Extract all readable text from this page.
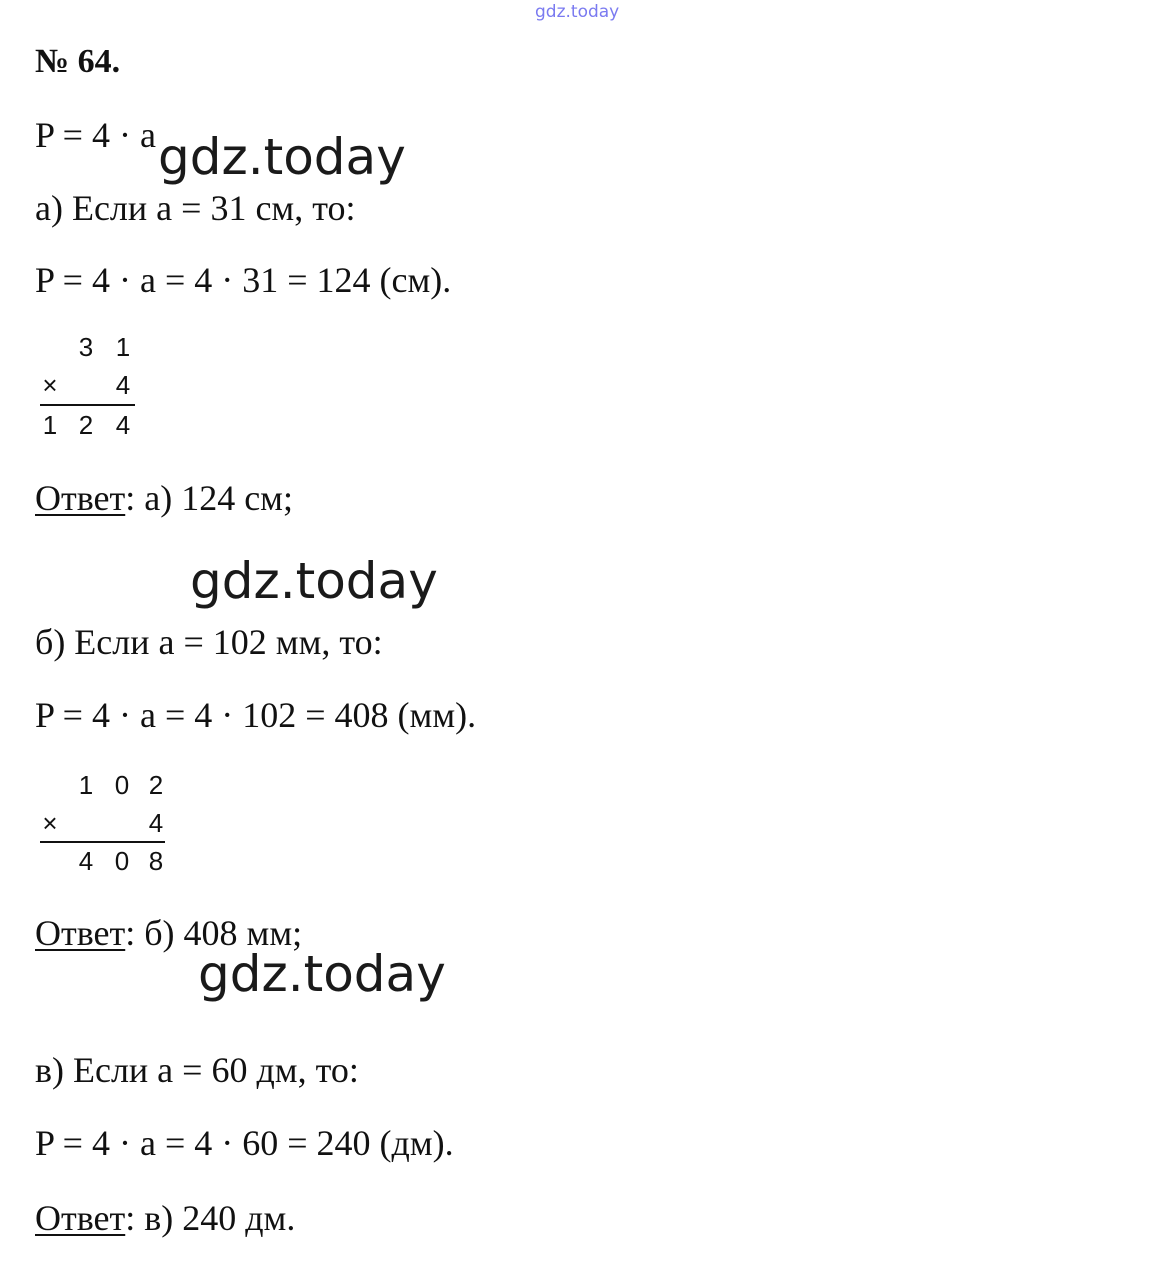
gdz.today
№ 64.
P = 4 · a gdz.today
а) Если a = 31 см, то:
P = 4 · a = 4 · 31 = 124 (см).
3 1
× 4
1 2 4
Ответ: а) 124 см;
gdz.today
б) Если a = 102 мм, то:
P = 4 · a = 4 · 102 = 408 (мм).
1 0 2
×	4
4 0 8
Ответ: б) 408 мм;
gdz.today
в) Если a = 60 дм, то:
P = 4 · a = 4 · 60 = 240 (дм).
Ответ: в) 240 дм.
